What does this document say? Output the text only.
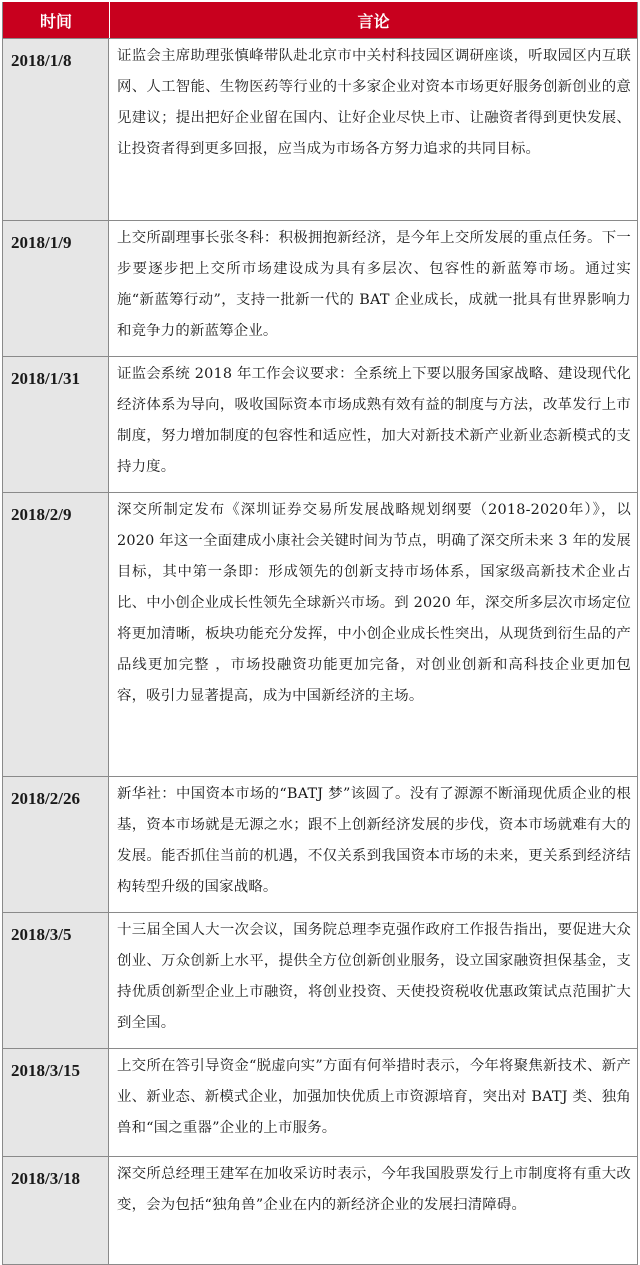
时间	言论
2018/1/8	证监会主席助理张慎峰带队赴北京市中关村科技园区调研座谈，听取园区内互联网、人工智能、生物医药等行业的十多家企业对资本市场更好服务创新创业的意见建议；提出把好企业留在国内、让好企业尽快上市、让融资者得到更快发展、让投资者得到更多回报，应当成为市场各方努力追求的共同目标。
2018/1/9	上交所副理事长张冬科：积极拥抱新经济，是今年上交所发展的重点任务。下一步要逐步把上交所市场建设成为具有多层次、包容性的新蓝筹市场。通过实施“新蓝筹行动”，支持一批新一代的 BAT 企业成长，成就一批具有世界影响力和竞争力的新蓝筹企业。
2018/1/31	证监会系统 2018 年工作会议要求：全系统上下要以服务国家战略、建设现代化经济体系为导向，吸收国际资本市场成熟有效有益的制度与方法，改革发行上市制度，努力增加制度的包容性和适应性，加大对新技术新产业新业态新模式的支持力度。
2018/2/9	深交所制定发布《深圳证券交易所发展战略规划纲要（2018-2020年）》，以 2020 年这一全面建成小康社会关键时间为节点，明确了深交所未来 3 年的发展目标，其中第一条即：形成领先的创新支持市场体系，国家级高新技术企业占比、中小创企业成长性领先全球新兴市场。到 2020 年，深交所多层次市场定位将更加清晰，板块功能充分发挥，中小创企业成长性突出，从现货到衍生品的产品线更加完整 ，市场投融资功能更加完备，对创业创新和高科技企业更加包容，吸引力显著提高，成为中国新经济的主场。
2018/2/26	新华社：中国资本市场的“BATJ 梦”该圆了。没有了源源不断涌现优质企业的根基，资本市场就是无源之水；跟不上创新经济发展的步伐，资本市场就难有大的发展。能否抓住当前的机遇，不仅关系到我国资本市场的未来，更关系到经济结构转型升级的国家战略。
2018/3/5	十三届全国人大一次会议，国务院总理李克强作政府工作报告指出，要促进大众创业、万众创新上水平，提供全方位创新创业服务，设立国家融资担保基金，支持优质创新型企业上市融资，将创业投资、天使投资税收优惠政策试点范围扩大到全国。
2018/3/15	上交所在答引导资金“脱虚向实”方面有何举措时表示，今年将聚焦新技术、新产业、新业态、新模式企业，加强加快优质上市资源培育，突出对 BATJ 类、独角兽和“国之重器”企业的上市服务。
2018/3/18	深交所总经理王建军在加收采访时表示，今年我国股票发行上市制度将有重大改变，会为包括“独角兽”企业在内的新经济企业的发展扫清障碍。
